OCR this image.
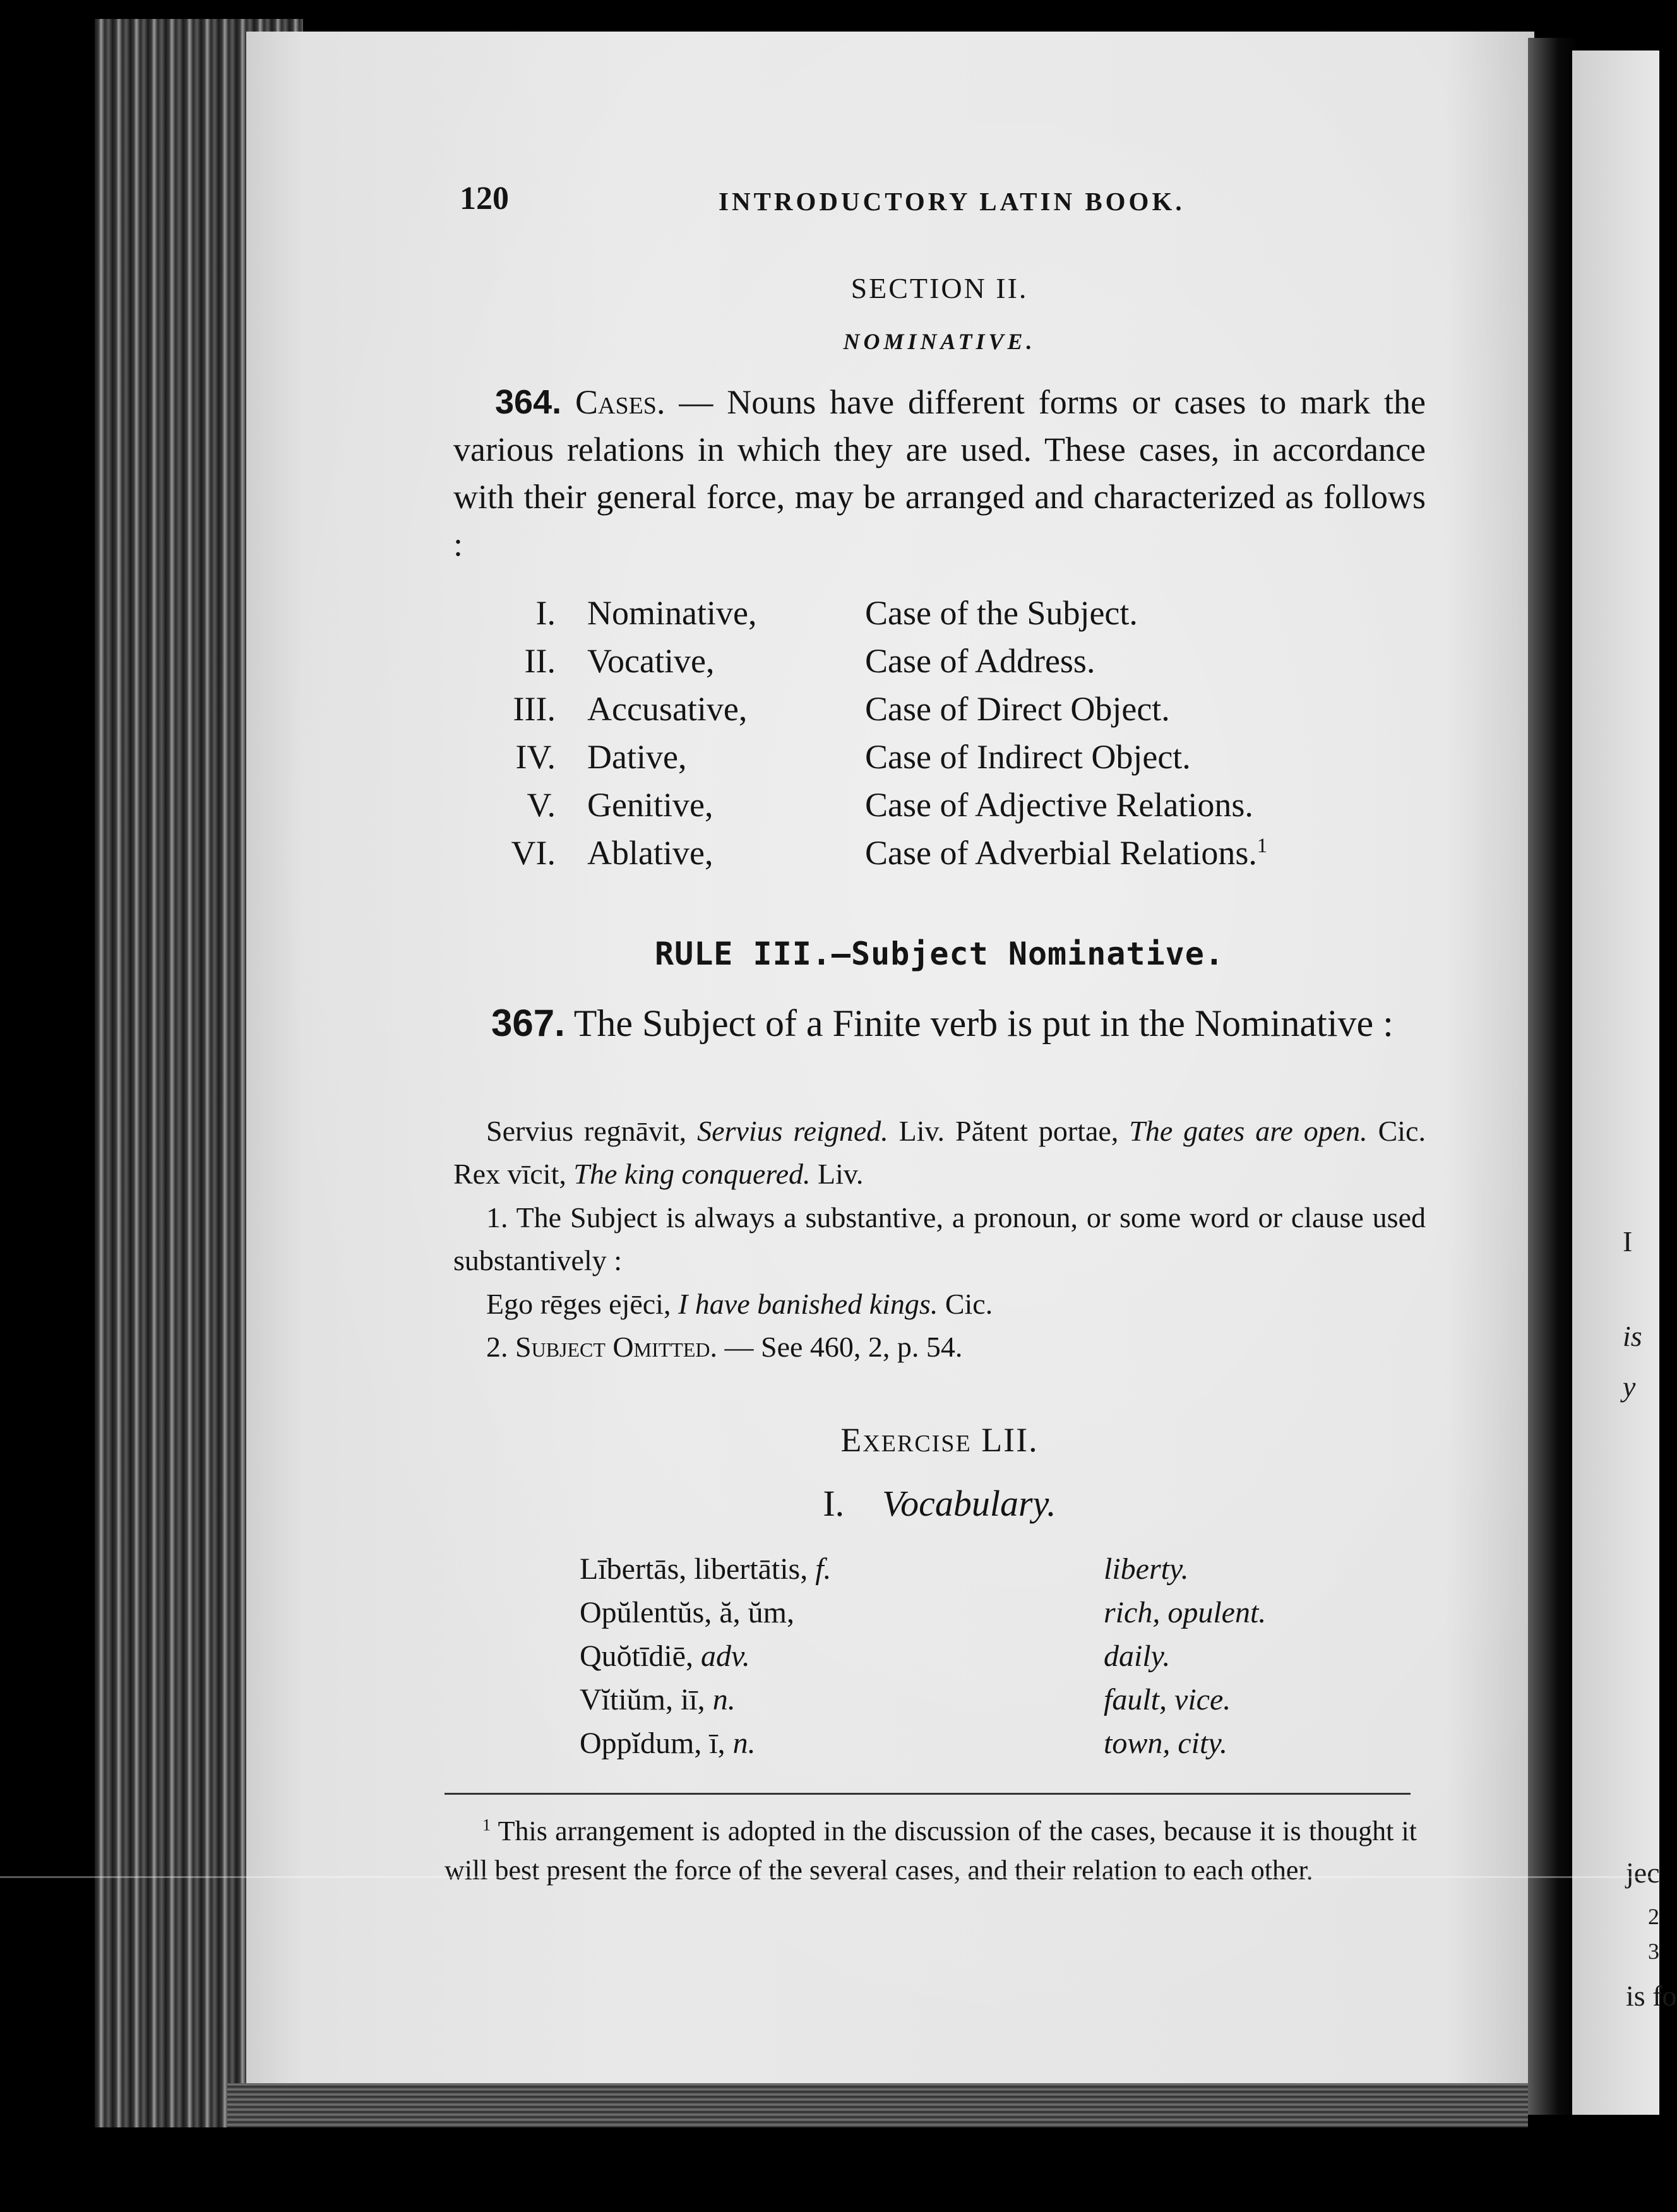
I
is
y
jec
2
3
is fo
120	INTRODUCTORY LATIN BOOK.
SECTION II.
NOMINATIVE.
364. Cases. — Nouns have different forms or cases to mark the various relations in which they are used. These cases, in accordance with their general force, may be arranged and characterized as follows :
I. Nominative,	Case of the Subject.
II. Vocative,	Case of Address.
III. Accusative,	Case of Direct Object.
IV. Dative,	Case of Indirect Object.
V. Genitive,	Case of Adjective Relations.
VI. Ablative,	Case of Adverbial Relations.$^1$
RULE III.—Subject Nominative.
367. The Subject of a Finite verb is put in the Nominative :
Servius regnāvit, Servius reigned. Liv. Pătent portae, The gates are open. Cic. Rex vīcit, The king conquered. Liv.
1. The Subject is always a substantive, a pronoun, or some word or clause used substantively :
Ego rēges ejēci, I have banished kings. Cic.
2. Subject Omitted. — See 460, 2, p. 54.
Exercise LII.
I. Vocabulary.
Lībertās, libertātis, f.	liberty.
Opŭlentŭs, ă, ŭm,	rich, opulent.
Quŏtīdiē, adv.	daily.
Vĭtiŭm, iī, n.	fault, vice.
Oppĭdum, ī, n.	town, city.
$^1$ This arrangement is adopted in the discussion of the cases, because it is thought it will best present the force of the several cases, and their relation to each other.
